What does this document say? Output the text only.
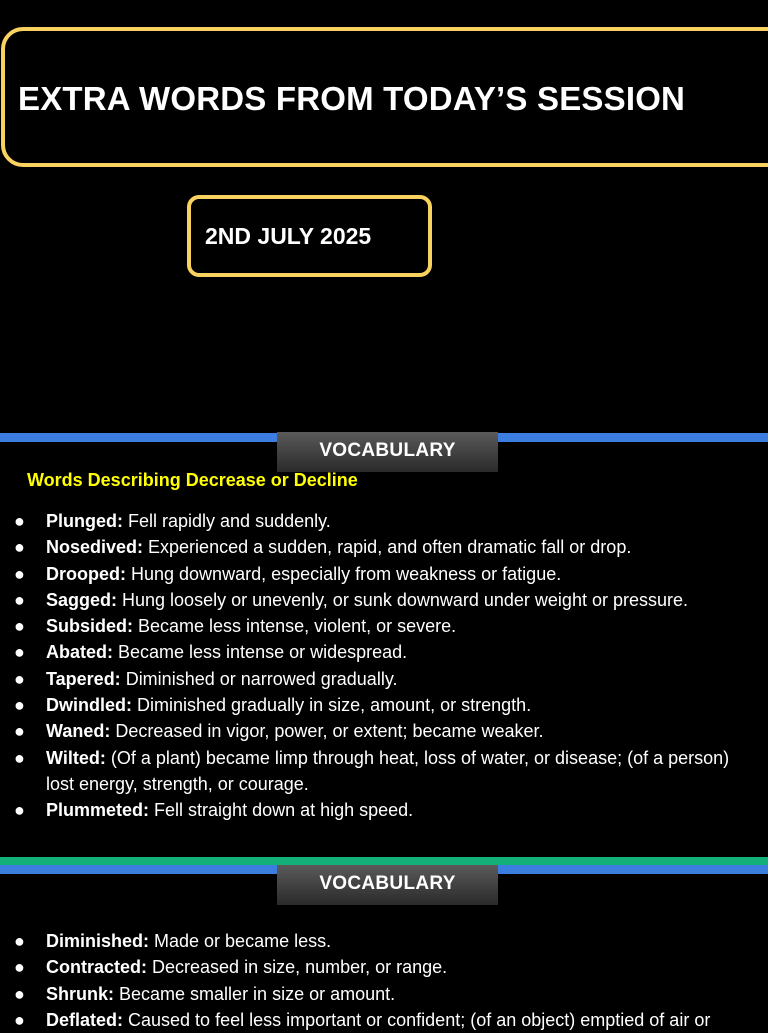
EXTRA WORDS FROM TODAY’S SESSION
2ND JULY 2025
VOCABULARY
Words Describing Decrease or Decline
● Plunged: Fell rapidly and suddenly.
● Nosedived: Experienced a sudden, rapid, and often dramatic fall or drop.
● Drooped: Hung downward, especially from weakness or fatigue.
● Sagged: Hung loosely or unevenly, or sunk downward under weight or pressure.
● Subsided: Became less intense, violent, or severe.
● Abated: Became less intense or widespread.
● Tapered: Diminished or narrowed gradually.
● Dwindled: Diminished gradually in size, amount, or strength.
● Waned: Decreased in vigor, power, or extent; became weaker.
● Wilted: (Of a plant) became limp through heat, loss of water, or disease; (of a person) lost energy, strength, or courage.
● Plummeted: Fell straight down at high speed.
VOCABULARY
● Diminished: Made or became less.
● Contracted: Decreased in size, number, or range.
● Shrunk: Became smaller in size or amount.
● Deflated: Caused to feel less important or confident; (of an object) emptied of air or
